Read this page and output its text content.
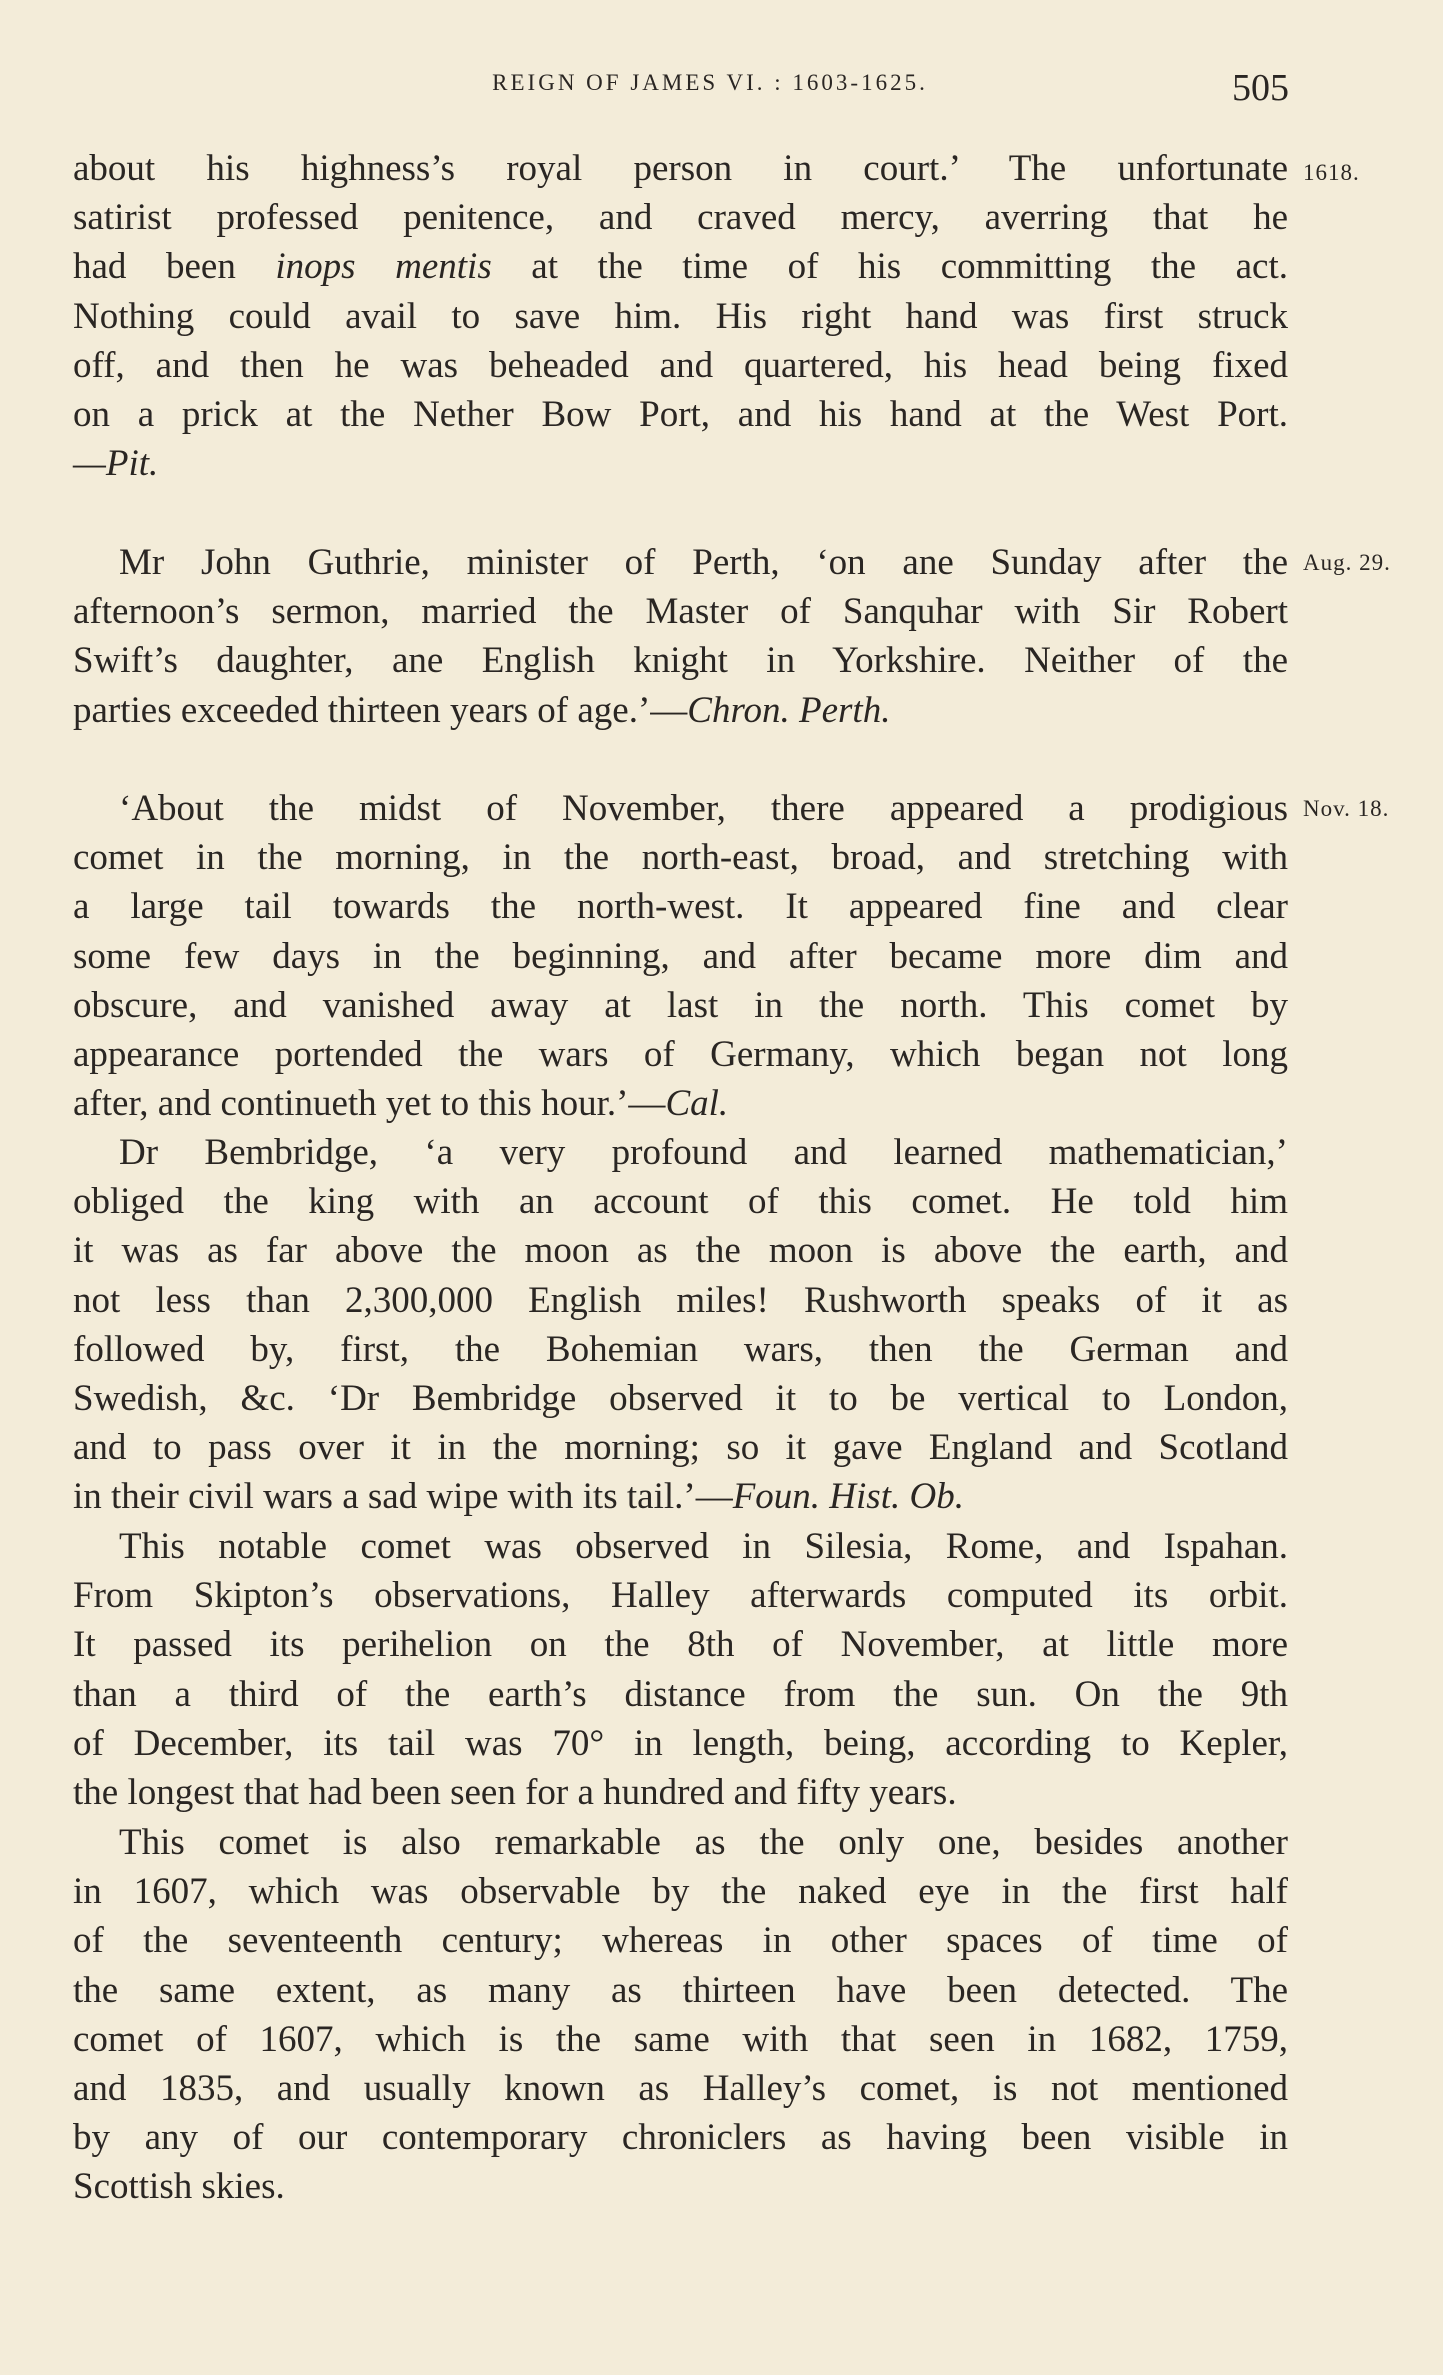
REIGN OF JAMES VI. : 1603-1625.	505
1618.
Aug. 29.
Nov. 18.
about his highness’s royal person in court.’ The unfortunate
satirist professed penitence, and craved mercy, averring that he
had been inops mentis at the time of his committing the act.
Nothing could avail to save him. His right hand was first struck
off, and then he was beheaded and quartered, his head being fixed
on a prick at the Nether Bow Port, and his hand at the West Port.
—Pit.
Mr John Guthrie, minister of Perth, ‘on ane Sunday after the
afternoon’s sermon, married the Master of Sanquhar with Sir Robert
Swift’s daughter, ane English knight in Yorkshire. Neither of the
parties exceeded thirteen years of age.’—Chron. Perth.
‘About the midst of November, there appeared a prodigious
comet in the morning, in the north-east, broad, and stretching with
a large tail towards the north-west. It appeared fine and clear
some few days in the beginning, and after became more dim and
obscure, and vanished away at last in the north. This comet by
appearance portended the wars of Germany, which began not long
after, and continueth yet to this hour.’—Cal.
Dr Bembridge, ‘a very profound and learned mathematician,’
obliged the king with an account of this comet. He told him
it was as far above the moon as the moon is above the earth, and
not less than 2,300,000 English miles! Rushworth speaks of it as
followed by, first, the Bohemian wars, then the German and
Swedish, &c. ‘Dr Bembridge observed it to be vertical to London,
and to pass over it in the morning; so it gave England and Scotland
in their civil wars a sad wipe with its tail.’—Foun. Hist. Ob.
This notable comet was observed in Silesia, Rome, and Ispahan.
From Skipton’s observations, Halley afterwards computed its orbit.
It passed its perihelion on the 8th of November, at little more
than a third of the earth’s distance from the sun. On the 9th
of December, its tail was 70° in length, being, according to Kepler,
the longest that had been seen for a hundred and fifty years.
This comet is also remarkable as the only one, besides another
in 1607, which was observable by the naked eye in the first half
of the seventeenth century; whereas in other spaces of time of
the same extent, as many as thirteen have been detected. The
comet of 1607, which is the same with that seen in 1682, 1759,
and 1835, and usually known as Halley’s comet, is not mentioned
by any of our contemporary chroniclers as having been visible in
Scottish skies.
